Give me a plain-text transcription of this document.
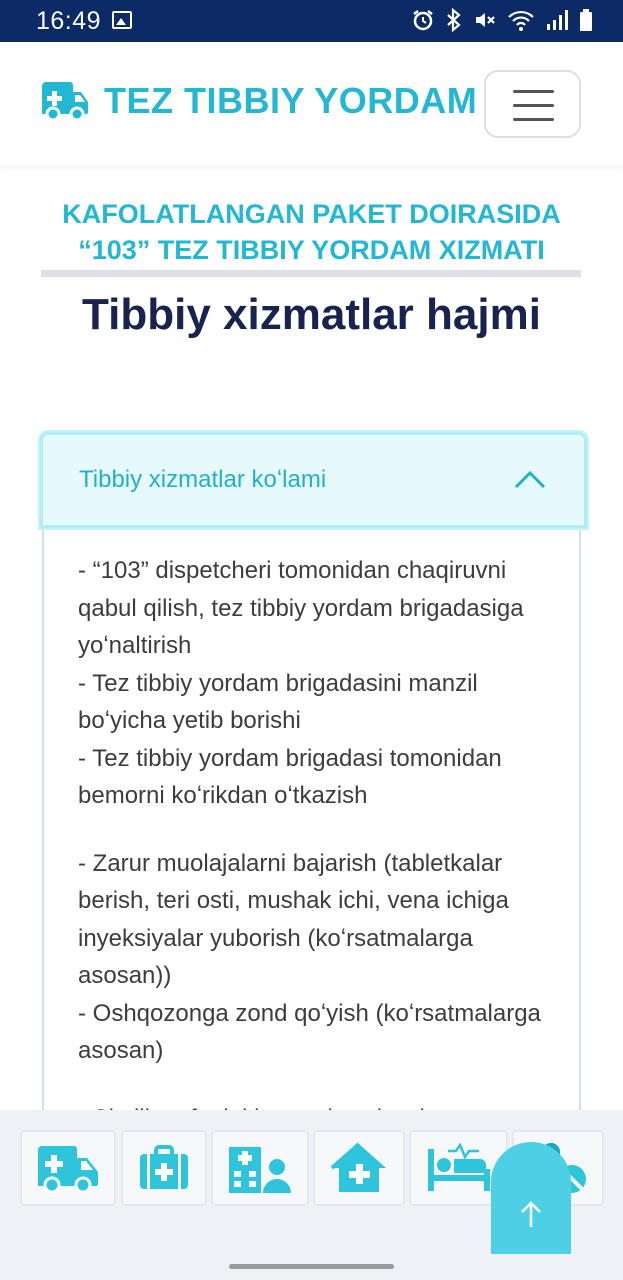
16:49
TEZ TIBBIY YORDAM
KAFOLATLANGAN PAKET DOIRASIDA
“103” TEZ TIBBIY YORDAM XIZMATI
Tibbiy xizmatlar hajmi
Tibbiy xizmatlar koʻlami

- “103” dispetcheri tomonidan chaqiruvni qabul qilish, tez tibbiy yordam brigadasiga yoʻnaltirish
- Tez tibbiy yordam brigadasini manzil boʻyicha yetib borishi
- Tez tibbiy yordam brigadasi tomonidan bemorni koʻrikdan oʻtkazish

- Zarur muolajalarni bajarish (tabletkalar berish, teri osti, mushak ichi, vena ichiga inyeksiyalar yuborish (koʻrsatmalarga asosan))
- Oshqozonga zond qoʻyish (koʻrsatmalarga asosan)
